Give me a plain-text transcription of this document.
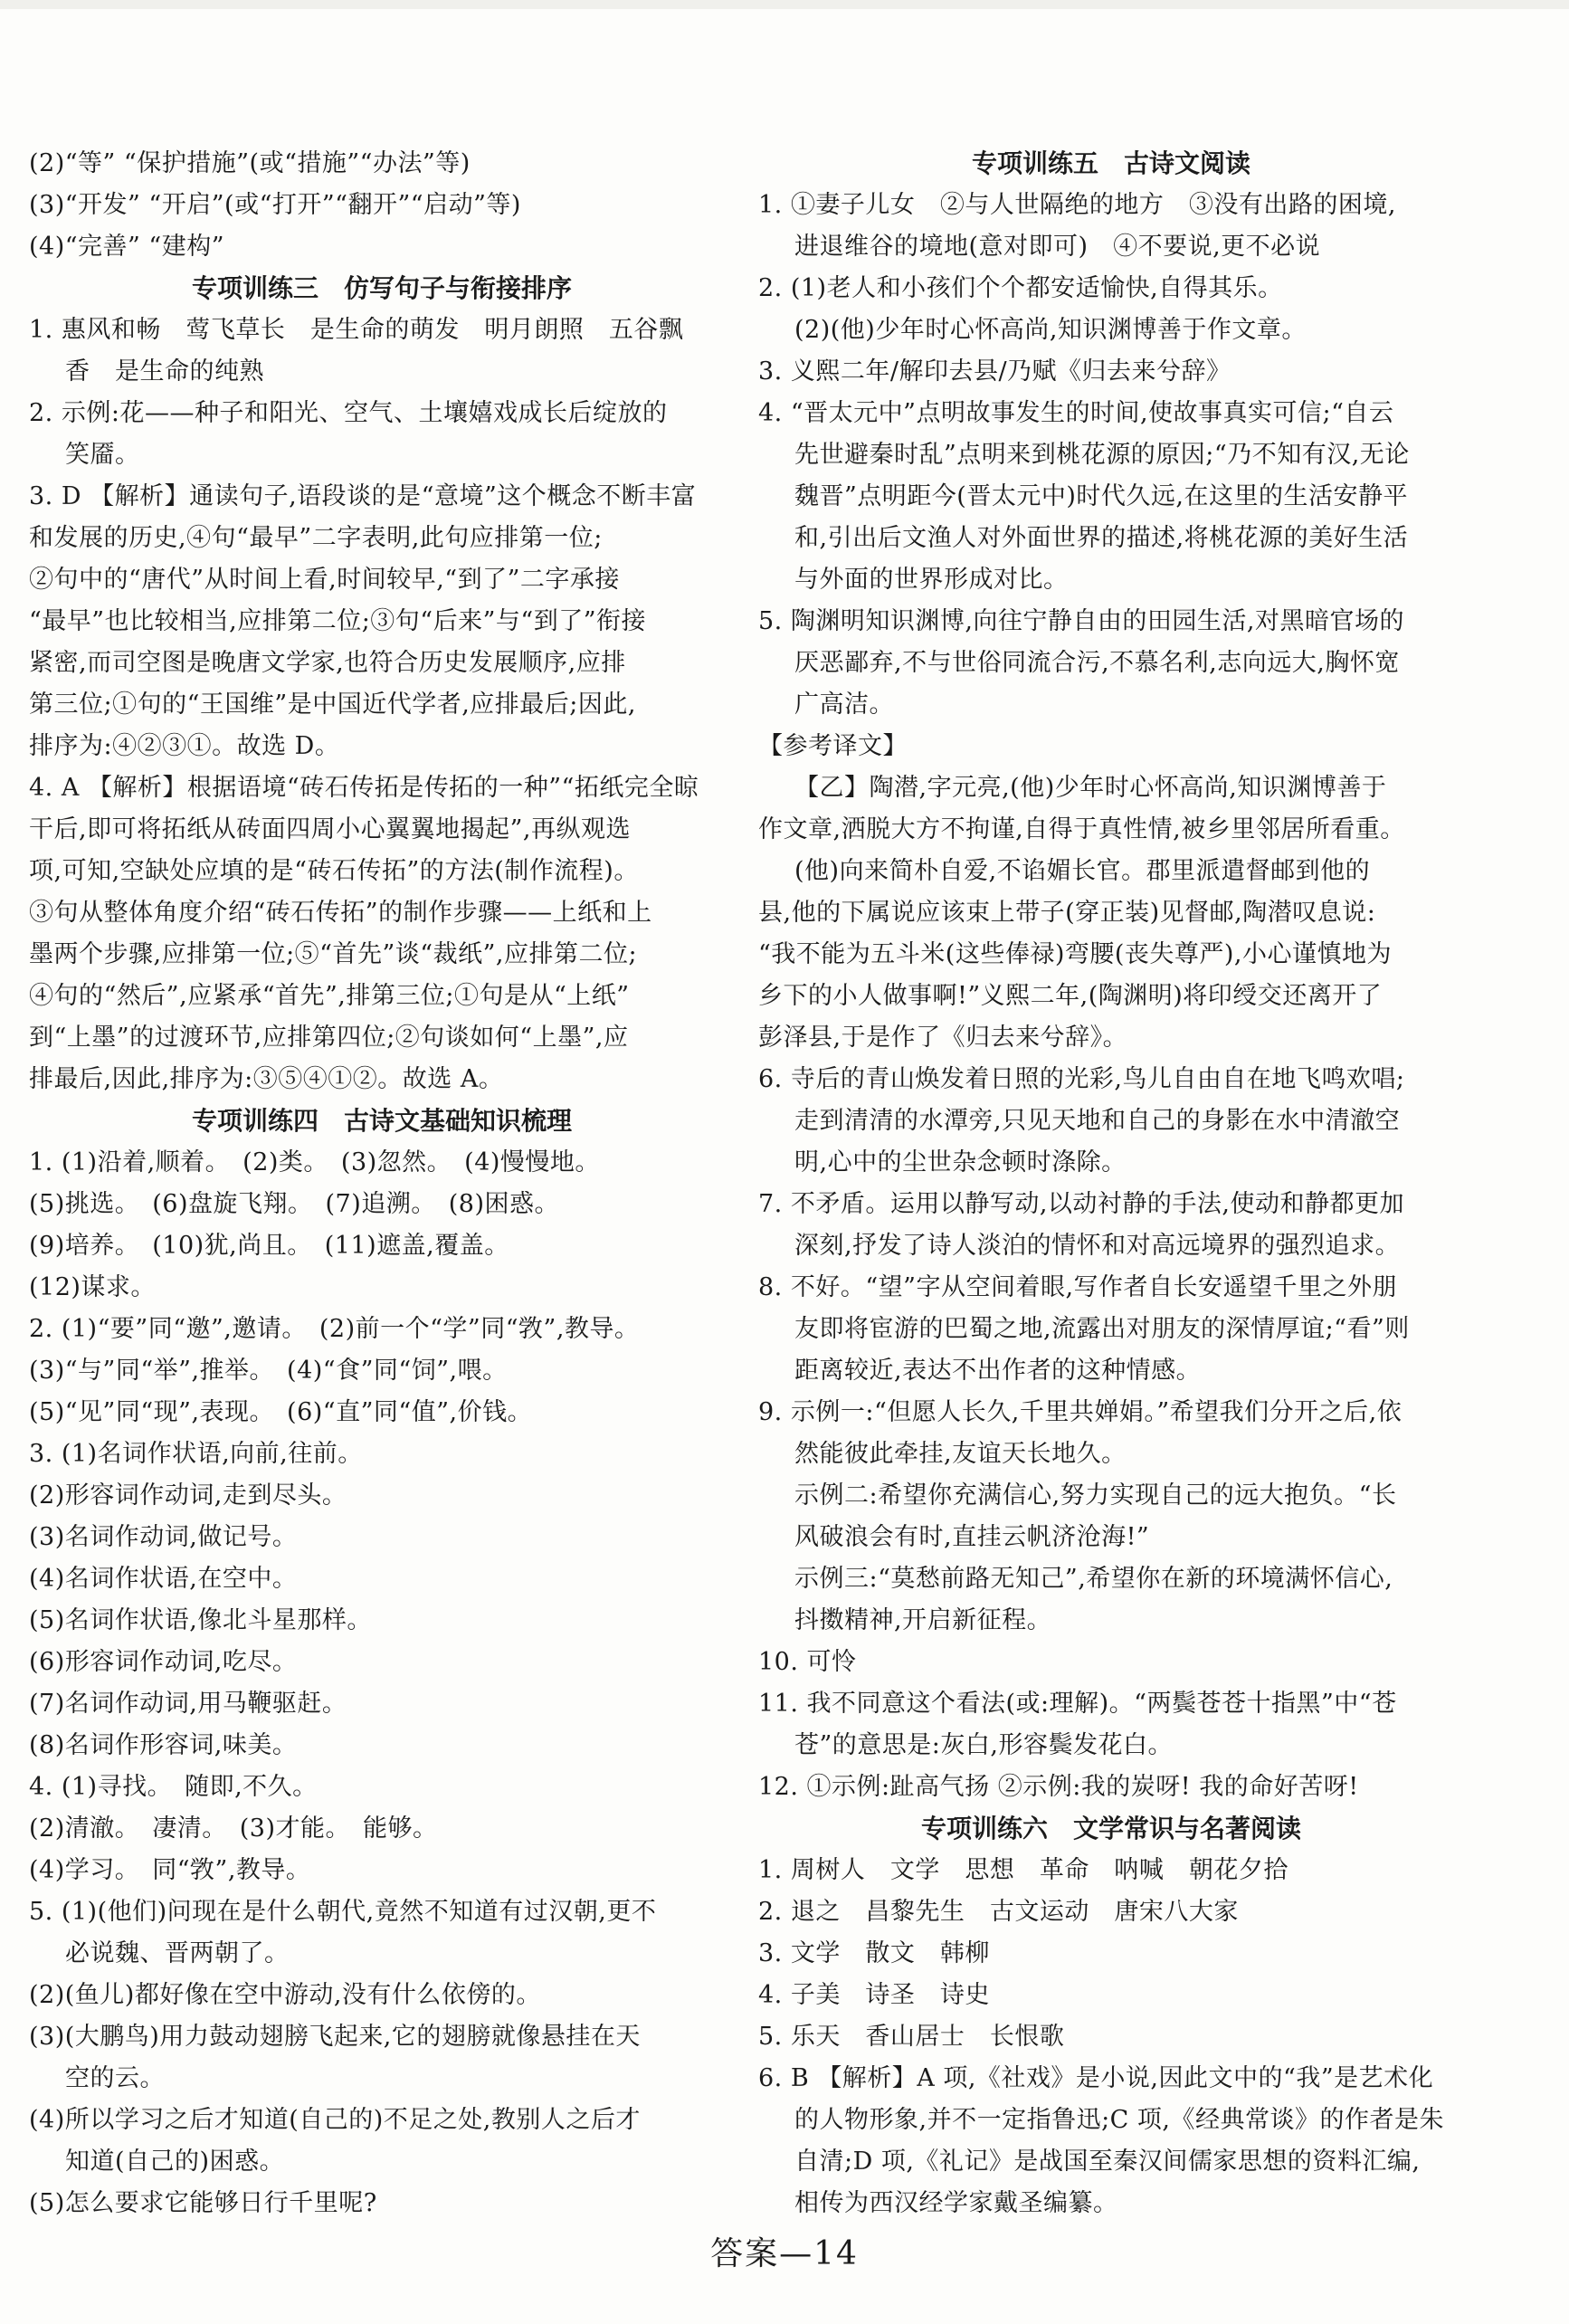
(2)“等” “保护措施”(或“措施”“办法”等)
(3)“开发” “开启”(或“打开”“翻开”“启动”等)
(4)“完善” “建构”
专项训练三　仿写句子与衔接排序
1. 惠风和畅　莺飞草长　是生命的萌发　明月朗照　五谷飘
香　是生命的纯熟
2. 示例:花——种子和阳光、空气、土壤嬉戏成长后绽放的
笑靥。
3. D 【解析】通读句子,语段谈的是“意境”这个概念不断丰富
和发展的历史,④句“最早”二字表明,此句应排第一位;
②句中的“唐代”从时间上看,时间较早,“到了”二字承接
“最早”也比较相当,应排第二位;③句“后来”与“到了”衔接
紧密,而司空图是晚唐文学家,也符合历史发展顺序,应排
第三位;①句的“王国维”是中国近代学者,应排最后;因此,
排序为:④②③①。故选 D。
4. A 【解析】根据语境“砖石传拓是传拓的一种”“拓纸完全晾
干后,即可将拓纸从砖面四周小心翼翼地揭起”,再纵观选
项,可知,空缺处应填的是“砖石传拓”的方法(制作流程)。
③句从整体角度介绍“砖石传拓”的制作步骤——上纸和上
墨两个步骤,应排第一位;⑤“首先”谈“裁纸”,应排第二位;
④句的“然后”,应紧承“首先”,排第三位;①句是从“上纸”
到“上墨”的过渡环节,应排第四位;②句谈如何“上墨”,应
排最后,因此,排序为:③⑤④①②。故选 A。
专项训练四　古诗文基础知识梳理
1. (1)沿着,顺着。　(2)类。　(3)忽然。　(4)慢慢地。
(5)挑选。　(6)盘旋飞翔。　(7)追溯。　(8)困惑。
(9)培养。　(10)犹,尚且。　(11)遮盖,覆盖。
(12)谋求。
2. (1)“要”同“邀”,邀请。　(2)前一个“学”同“敩”,教导。
(3)“与”同“举”,推举。　(4)“食”同“饲”,喂。
(5)“见”同“现”,表现。　(6)“直”同“值”,价钱。
3. (1)名词作状语,向前,往前。
(2)形容词作动词,走到尽头。
(3)名词作动词,做记号。
(4)名词作状语,在空中。
(5)名词作状语,像北斗星那样。
(6)形容词作动词,吃尽。
(7)名词作动词,用马鞭驱赶。
(8)名词作形容词,味美。
4. (1)寻找。　随即,不久。
(2)清澈。　凄清。　(3)才能。　能够。
(4)学习。　同“敩”,教导。
5. (1)(他们)问现在是什么朝代,竟然不知道有过汉朝,更不
必说魏、晋两朝了。
(2)(鱼儿)都好像在空中游动,没有什么依傍的。
(3)(大鹏鸟)用力鼓动翅膀飞起来,它的翅膀就像悬挂在天
空的云。
(4)所以学习之后才知道(自己的)不足之处,教别人之后才
知道(自己的)困惑。
(5)怎么要求它能够日行千里呢?
专项训练五　古诗文阅读
1. ①妻子儿女　②与人世隔绝的地方　③没有出路的困境,
进退维谷的境地(意对即可)　④不要说,更不必说
2. (1)老人和小孩们个个都安适愉快,自得其乐。
(2)(他)少年时心怀高尚,知识渊博善于作文章。
3. 义熙二年/解印去县/乃赋《归去来兮辞》
4. “晋太元中”点明故事发生的时间,使故事真实可信;“自云
先世避秦时乱”点明来到桃花源的原因;“乃不知有汉,无论
魏晋”点明距今(晋太元中)时代久远,在这里的生活安静平
和,引出后文渔人对外面世界的描述,将桃花源的美好生活
与外面的世界形成对比。
5. 陶渊明知识渊博,向往宁静自由的田园生活,对黑暗官场的
厌恶鄙弃,不与世俗同流合污,不慕名利,志向远大,胸怀宽
广高洁。
【参考译文】
【乙】陶潜,字元亮,(他)少年时心怀高尚,知识渊博善于
作文章,洒脱大方不拘谨,自得于真性情,被乡里邻居所看重。
(他)向来简朴自爱,不谄媚长官。郡里派遣督邮到他的
县,他的下属说应该束上带子(穿正装)见督邮,陶潜叹息说:
“我不能为五斗米(这些俸禄)弯腰(丧失尊严),小心谨慎地为
乡下的小人做事啊!”义熙二年,(陶渊明)将印绶交还离开了
彭泽县,于是作了《归去来兮辞》。
6. 寺后的青山焕发着日照的光彩,鸟儿自由自在地飞鸣欢唱;
走到清清的水潭旁,只见天地和自己的身影在水中清澈空
明,心中的尘世杂念顿时涤除。
7. 不矛盾。运用以静写动,以动衬静的手法,使动和静都更加
深刻,抒发了诗人淡泊的情怀和对高远境界的强烈追求。
8. 不好。“望”字从空间着眼,写作者自长安遥望千里之外朋
友即将宦游的巴蜀之地,流露出对朋友的深情厚谊;“看”则
距离较近,表达不出作者的这种情感。
9. 示例一:“但愿人长久,千里共婵娟。”希望我们分开之后,依
然能彼此牵挂,友谊天长地久。
示例二:希望你充满信心,努力实现自己的远大抱负。“长
风破浪会有时,直挂云帆济沧海!”
示例三:“莫愁前路无知己”,希望你在新的环境满怀信心,
抖擞精神,开启新征程。
10. 可怜
11. 我不同意这个看法(或:理解)。“两鬓苍苍十指黑”中“苍
苍”的意思是:灰白,形容鬓发花白。
12. ①示例:趾高气扬 ②示例:我的炭呀! 我的命好苦呀!
专项训练六　文学常识与名著阅读
1. 周树人　文学　思想　革命　呐喊　朝花夕拾
2. 退之　昌黎先生　古文运动　唐宋八大家
3. 文学　散文　韩柳
4. 子美　诗圣　诗史
5. 乐天　香山居士　长恨歌
6. B 【解析】A 项,《社戏》是小说,因此文中的“我”是艺术化
的人物形象,并不一定指鲁迅;C 项,《经典常谈》的作者是朱
自清;D 项,《礼记》是战国至秦汉间儒家思想的资料汇编,
相传为西汉经学家戴圣编纂。
答案—14
